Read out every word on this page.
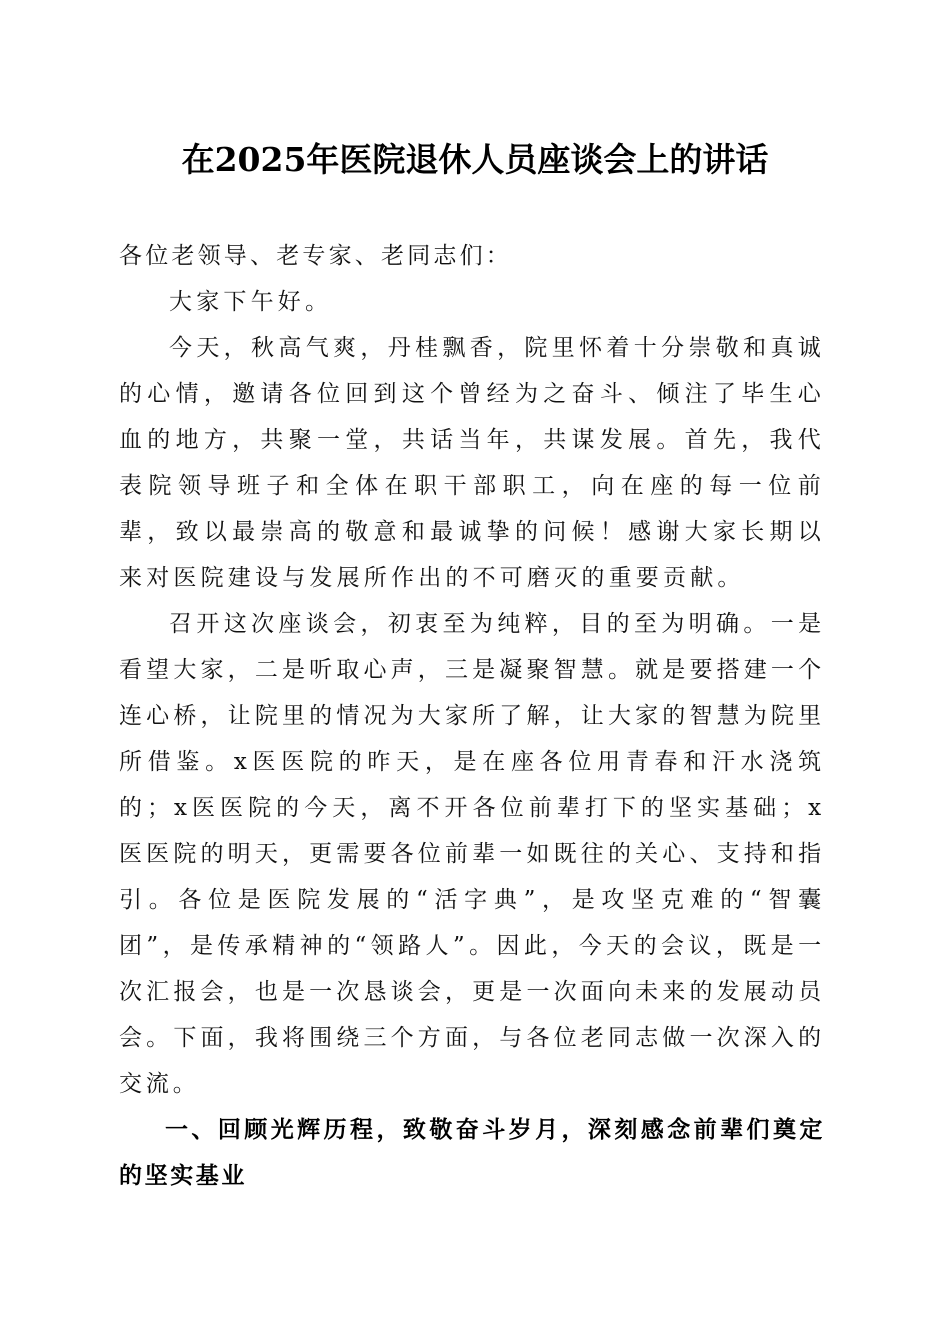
在2025年医院退休人员座谈会上的讲话

各位老领导、老专家、老同志们：

大家下午好。

今天，秋高气爽，丹桂飘香，院里怀着十分崇敬和真诚的心情，邀请各位回到这个曾经为之奋斗、倾注了毕生心血的地方，共聚一堂，共话当年，共谋发展。首先，我代表院领导班子和全体在职干部职工，向在座的每一位前辈，致以最崇高的敬意和最诚挚的问候！感谢大家长期以来对医院建设与发展所作出的不可磨灭的重要贡献。

召开这次座谈会，初衷至为纯粹，目的至为明确。一是看望大家，二是听取心声，三是凝聚智慧。就是要搭建一个连心桥，让院里的情况为大家所了解，让大家的智慧为院里所借鉴。x医医院的昨天，是在座各位用青春和汗水浇筑的；x医医院的今天，离不开各位前辈打下的坚实基础；x医医院的明天，更需要各位前辈一如既往的关心、支持和指引。各位是医院发展的“活字典”，是攻坚克难的“智囊团”，是传承精神的“领路人”。因此，今天的会议，既是一次汇报会，也是一次恳谈会，更是一次面向未来的发展动员会。下面，我将围绕三个方面，与各位老同志做一次深入的交流。

一、回顾光辉历程，致敬奋斗岁月，深刻感念前辈们奠定的坚实基业
